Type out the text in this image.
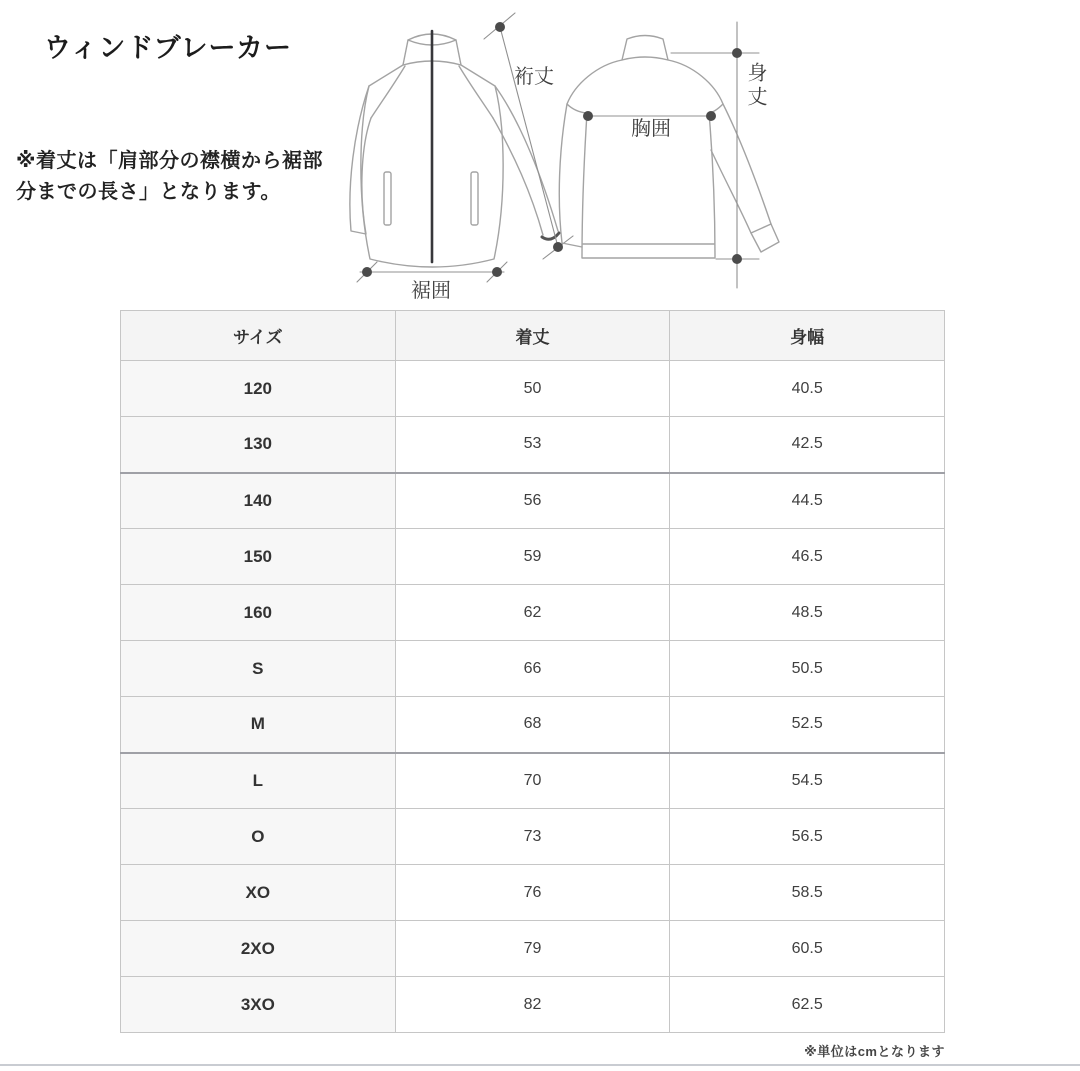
ウィンドブレーカー
※着丈は「肩部分の襟横から裾部
分までの長さ」となります。
裄丈
裾囲
胸囲
身丈
サイズ	着丈	身幅
120	50	40.5
130	53	42.5
140	56	44.5
150	59	46.5
160	62	48.5
S	66	50.5
M	68	52.5
L	70	54.5
O	73	56.5
XO	76	58.5
2XO	79	60.5
3XO	82	62.5
※単位はcmとなります
